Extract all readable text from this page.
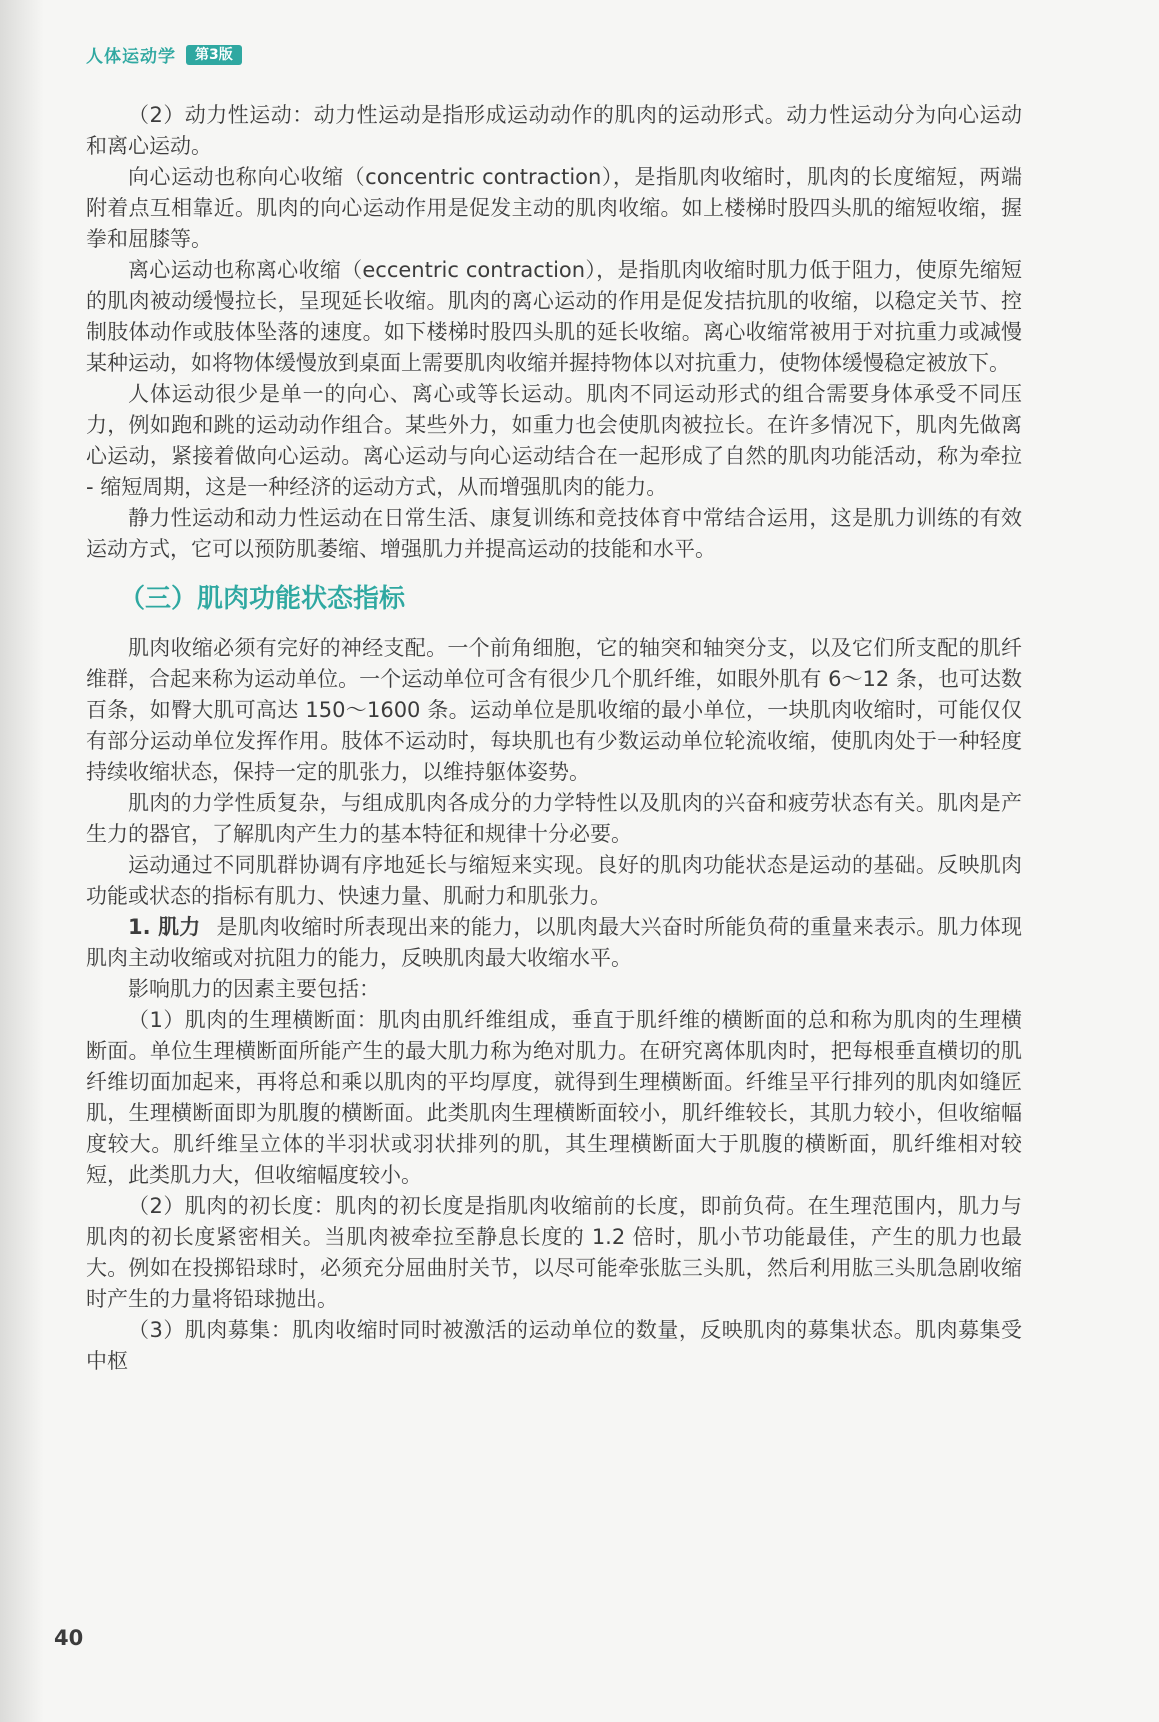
人体运动学	第3版

（2）动力性运动：动力性运动是指形成运动动作的肌肉的运动形式。动力性运动分为向心运动和离心运动。

向心运动也称向心收缩（concentric contraction），是指肌肉收缩时，肌肉的长度缩短，两端附着点互相靠近。肌肉的向心运动作用是促发主动的肌肉收缩。如上楼梯时股四头肌的缩短收缩，握拳和屈膝等。

离心运动也称离心收缩（eccentric contraction），是指肌肉收缩时肌力低于阻力，使原先缩短的肌肉被动缓慢拉长，呈现延长收缩。肌肉的离心运动的作用是促发拮抗肌的收缩，以稳定关节、控制肢体动作或肢体坠落的速度。如下楼梯时股四头肌的延长收缩。离心收缩常被用于对抗重力或减慢某种运动，如将物体缓慢放到桌面上需要肌肉收缩并握持物体以对抗重力，使物体缓慢稳定被放下。

人体运动很少是单一的向心、离心或等长运动。肌肉不同运动形式的组合需要身体承受不同压力，例如跑和跳的运动动作组合。某些外力，如重力也会使肌肉被拉长。在许多情况下，肌肉先做离心运动，紧接着做向心运动。离心运动与向心运动结合在一起形成了自然的肌肉功能活动，称为牵拉 - 缩短周期，这是一种经济的运动方式，从而增强肌肉的能力。

静力性运动和动力性运动在日常生活、康复训练和竞技体育中常结合运用，这是肌力训练的有效运动方式，它可以预防肌萎缩、增强肌力并提高运动的技能和水平。

（三）肌肉功能状态指标

肌肉收缩必须有完好的神经支配。一个前角细胞，它的轴突和轴突分支，以及它们所支配的肌纤维群，合起来称为运动单位。一个运动单位可含有很少几个肌纤维，如眼外肌有 6～12 条，也可达数百条，如臀大肌可高达 150～1600 条。运动单位是肌收缩的最小单位，一块肌肉收缩时，可能仅仅有部分运动单位发挥作用。肢体不运动时，每块肌也有少数运动单位轮流收缩，使肌肉处于一种轻度持续收缩状态，保持一定的肌张力，以维持躯体姿势。

肌肉的力学性质复杂，与组成肌肉各成分的力学特性以及肌肉的兴奋和疲劳状态有关。肌肉是产生力的器官，了解肌肉产生力的基本特征和规律十分必要。

运动通过不同肌群协调有序地延长与缩短来实现。良好的肌肉功能状态是运动的基础。反映肌肉功能或状态的指标有肌力、快速力量、肌耐力和肌张力。

1. 肌力 是肌肉收缩时所表现出来的能力，以肌肉最大兴奋时所能负荷的重量来表示。肌力体现肌肉主动收缩或对抗阻力的能力，反映肌肉最大收缩水平。

影响肌力的因素主要包括：

（1）肌肉的生理横断面：肌肉由肌纤维组成，垂直于肌纤维的横断面的总和称为肌肉的生理横断面。单位生理横断面所能产生的最大肌力称为绝对肌力。在研究离体肌肉时，把每根垂直横切的肌纤维切面加起来，再将总和乘以肌肉的平均厚度，就得到生理横断面。纤维呈平行排列的肌肉如缝匠肌，生理横断面即为肌腹的横断面。此类肌肉生理横断面较小，肌纤维较长，其肌力较小，但收缩幅度较大。肌纤维呈立体的半羽状或羽状排列的肌，其生理横断面大于肌腹的横断面，肌纤维相对较短，此类肌力大，但收缩幅度较小。

（2）肌肉的初长度：肌肉的初长度是指肌肉收缩前的长度，即前负荷。在生理范围内，肌力与肌肉的初长度紧密相关。当肌肉被牵拉至静息长度的 1.2 倍时，肌小节功能最佳，产生的肌力也最大。例如在投掷铅球时，必须充分屈曲肘关节，以尽可能牵张肱三头肌，然后利用肱三头肌急剧收缩时产生的力量将铅球抛出。

（3）肌肉募集：肌肉收缩时同时被激活的运动单位的数量，反映肌肉的募集状态。肌肉募集受中枢

40
